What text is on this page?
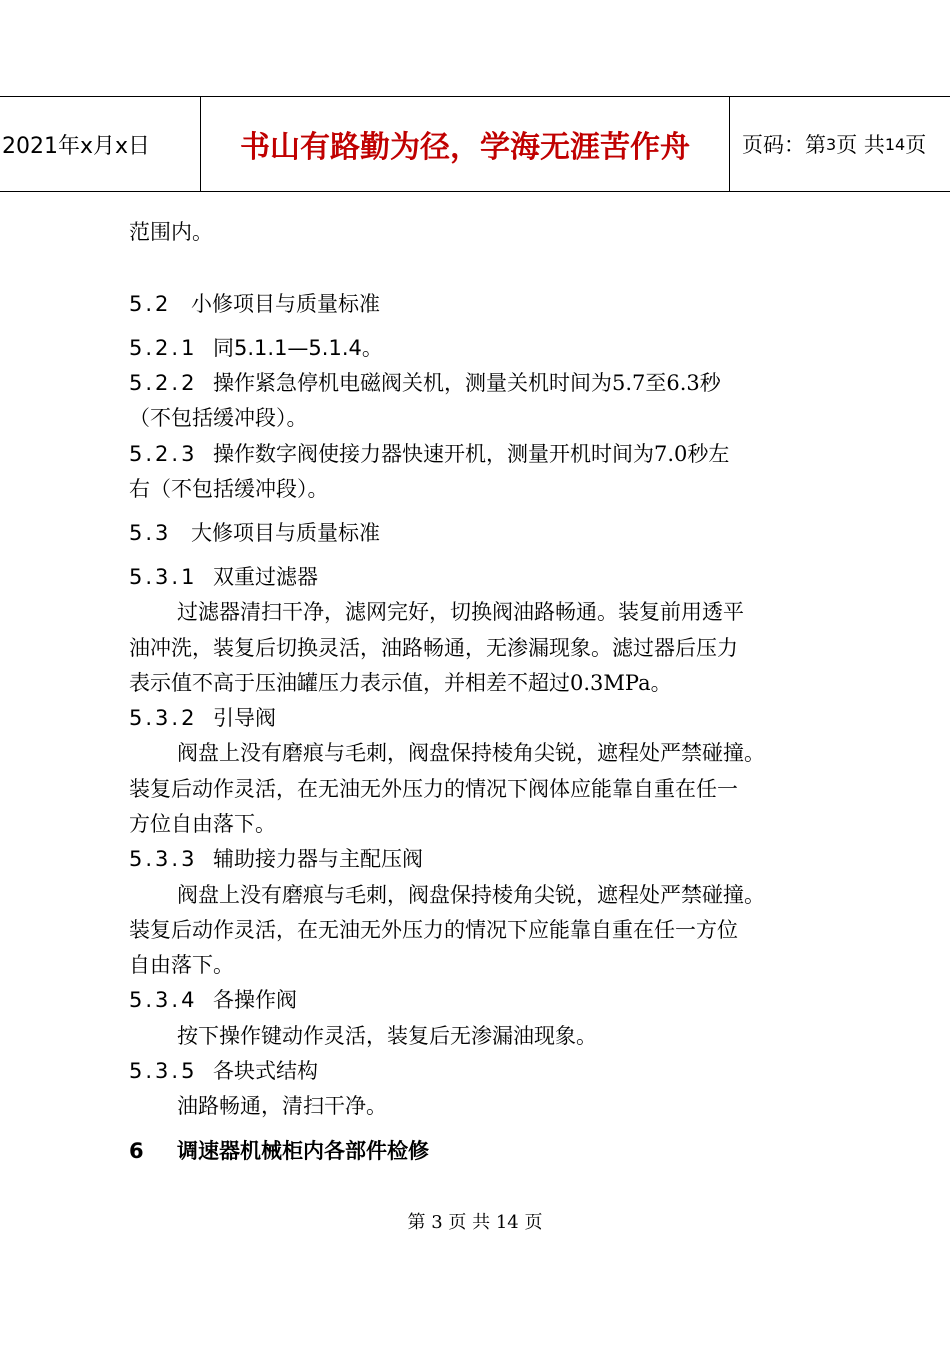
2021年x月x日	书山有路勤为径，学海无涯苦作舟	页码：第 3 页 共 14 页
范围内。
5.2 小修项目与质量标准
5.2.1 同5.1.1—5.1.4。
5.2.2 操作紧急停机电磁阀关机，测量关机时间为5.7至6.3秒
（不包括缓冲段）。
5.2.3 操作数字阀使接力器快速开机，测量开机时间为7.0秒左
右（不包括缓冲段）。
5.3 大修项目与质量标准
5.3.1 双重过滤器
过滤器清扫干净，滤网完好，切换阀油路畅通。装复前用透平
油冲洗，装复后切换灵活，油路畅通，无渗漏现象。滤过器后压力
表示值不高于压油罐压力表示值，并相差不超过0.3MPa。
5.3.2 引导阀
阀盘上没有磨痕与毛刺，阀盘保持棱角尖锐，遮程处严禁碰撞。
装复后动作灵活，在无油无外压力的情况下阀体应能靠自重在任一
方位自由落下。
5.3.3 辅助接力器与主配压阀
阀盘上没有磨痕与毛刺，阀盘保持棱角尖锐，遮程处严禁碰撞。
装复后动作灵活，在无油无外压力的情况下应能靠自重在任一方位
自由落下。
5.3.4 各操作阀
按下操作键动作灵活，装复后无渗漏油现象。
5.3.5 各块式结构
油路畅通，清扫干净。
6 调速器机械柜内各部件检修
第 3 页 共 14 页
